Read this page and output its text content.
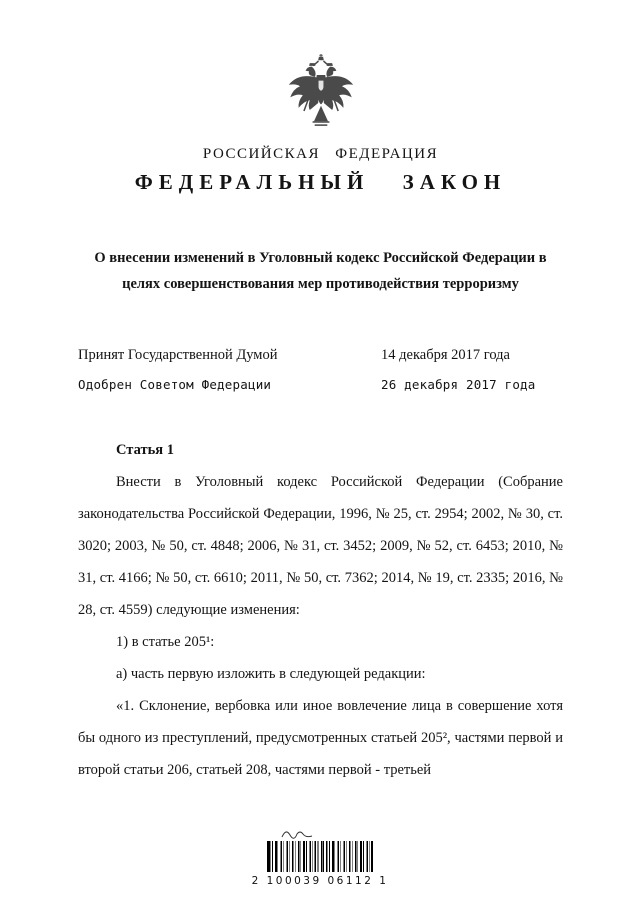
РОССИЙСКАЯ ФЕДЕРАЦИЯ
ФЕДЕРАЛЬНЫЙ ЗАКОН
О внесении изменений в Уголовный кодекс Российской Федерации в целях совершенствования мер противодействия терроризму
Принят Государственной Думой	14 декабря 2017 года
Одобрен Советом Федерации	26 декабря 2017 года

Статья 1

Внести в Уголовный кодекс Российской Федерации (Собрание законодательства Российской Федерации, 1996, № 25, ст. 2954; 2002, № 30, ст. 3020; 2003, № 50, ст. 4848; 2006, № 31, ст. 3452; 2009, № 52, ст. 6453; 2010, № 31, ст. 4166; № 50, ст. 6610; 2011, № 50, ст. 7362; 2014, № 19, ст. 2335; 2016, № 28, ст. 4559) следующие изменения:

1) в статье 205¹:

а) часть первую изложить в следующей редакции:

«1. Склонение, вербовка или иное вовлечение лица в совершение хотя бы одного из преступлений, предусмотренных статьей 205², частями первой и второй статьи 206, статьей 208, частями первой - третьей

2 100039 06112 1
